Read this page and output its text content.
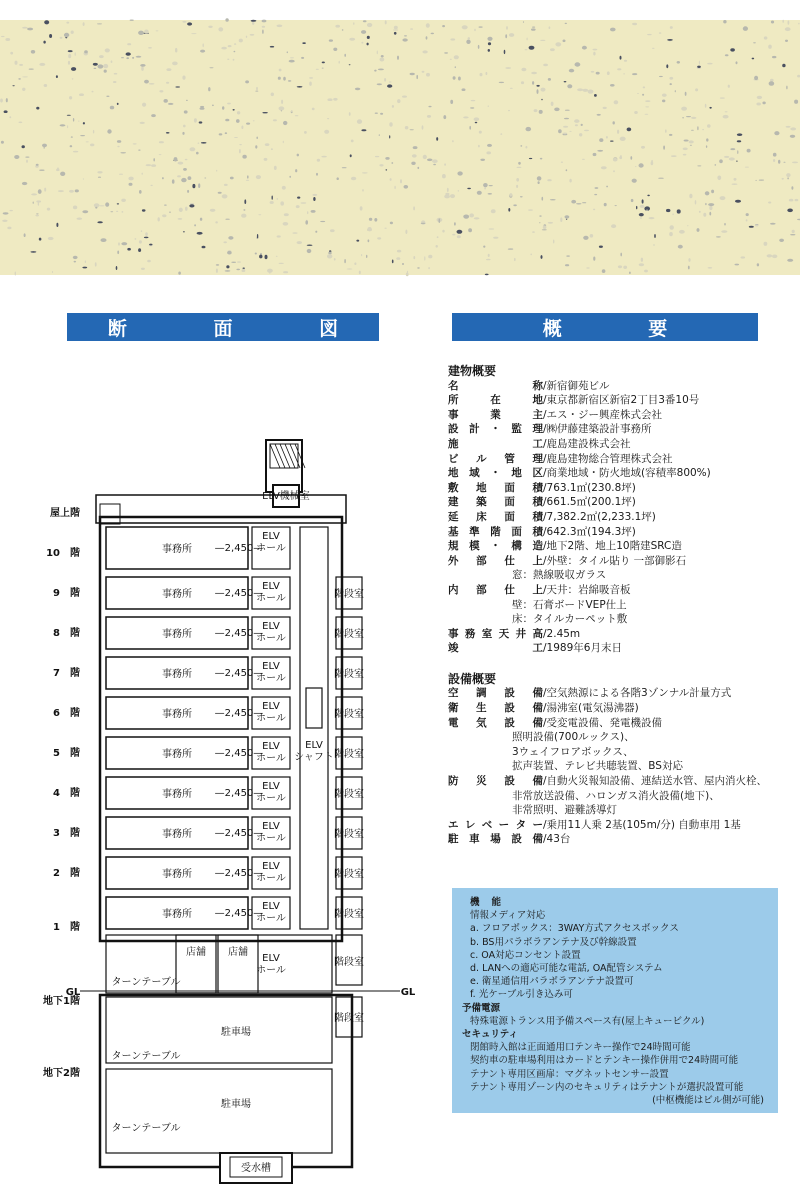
断 面 図	概 要
ELV機械室
事務所 —2,450—
ELV
ホール
事務所 —2,450—
ELV
ホール	階段室
事務所 —2,450—
ELV
ホール	階段室
事務所 —2,450—
ELV
ホール	階段室
事務所 —2,450—
ELV
ホール	階段室
事務所 —2,450—
ELV
ホール	階段室
事務所 —2,450—
ELV
ホール	階段室
事務所 —2,450—
ELV
ホール	階段室
事務所 —2,450—
ELV
ホール	階段室
事務所 —2,450—
ELV
ホール	階段室
ELV
シャフト
店舗 店舗
ELV
ホール
階段室
ターンテーブル
GL	GL
駐車場
ターンテーブル
階段室
駐車場
ターンテーブル
受水槽
屋上階
10　階
9　階
8　階
7　階
6　階
5　階
4　階
3　階
2　階
1　階
地下1階
地下2階
建物概要
名	称 / 新宿御苑ビル
所	在	地 / 東京都新宿区新宿2丁目3番10号
事	業	主 / エス・ジー興産株式会社
設 計 ・ 監 理 / ㈱伊藤建築設計事務所
施	工 / 鹿島建設株式会社
ビ ル 管 理 / 鹿島建物総合管理株式会社
地 域 ・ 地 区 / 商業地域・防火地域(容積率800%)
敷 地 面 積 / 763.1㎡(230.8坪)
建 築 面 積 / 661.5㎡(200.1坪)
延 床 面 積 / 7,382.2㎡(2,233.1坪)
基 準 階 面 積 / 642.3㎡(194.3坪)
規 模 ・ 構 造 / 地下2階、地上10階建SRC造
外 部 仕 上 / 外壁：タイル貼り 一部御影石
窓：熱線吸収ガラス
内 部 仕 上 / 天井：岩綿吸音板
壁：石膏ボードVEP仕上
床：タイルカーペット敷
事 務 室 天 井 高 / 2.45m
竣	工 / 1989年6月末日
設備概要
空 調 設 備 / 空気熱源による各階3ゾンナル計量方式
衛 生 設 備 / 湯沸室(電気湯沸器)
電 気 設 備 / 受変電設備、発電機設備
照明設備(700ルックス)、
3ウェイフロアボックス、
拡声装置、テレビ共聴装置、BS対応
防 災 設 備 / 自動火災報知設備、連結送水管、屋内消火栓、
非常放送設備、ハロンガス消火設備(地下)、
非常照明、避難誘導灯
エ レ ベ ー タ ー / 乗用11人乗 2基(105m/分) 自動車用 1基
駐 車 場 設 備 / 43台
機能
情報メディア対応
a. フロアボックス：3WAY方式アクセスボックス
b. BS用パラボラアンテナ及び幹線設置
c. OA対応コンセント設置
d. LANへの適応可能な電話, OA配管システム
e. 衛星通信用パラボラアンテナ設置可
f. 光ケーブル引き込み可
予備電源
特殊電源トランス用予備スペース有(屋上キュービクル)
セキュリティ
閉館時入館は正面通用口テンキー操作で24時間可能
契約車の駐車場利用はカードとテンキー操作併用で24時間可能
テナント専用区画扉：マグネットセンサー設置
テナント専用ゾーン内のセキュリティはテナントが選択設置可能
(中枢機能はビル側が可能)
